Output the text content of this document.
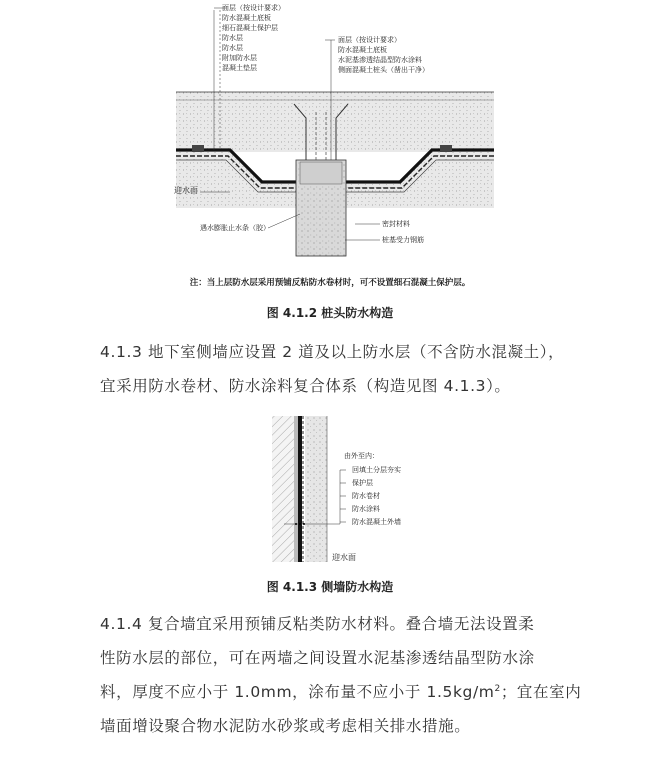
面层（按设计要求）
防水混凝土底板
细石混凝土保护层
防水层
防水层
附加防水层
混凝土垫层
面层（按设计要求）
防水混凝土底板
水泥基渗透结晶型防水涂料
侧面混凝土桩头（凿出干净）
迎水面
遇水膨胀止水条（胶）	密封材料
桩基受力钢筋
注：当上层防水层采用预铺反粘防水卷材时，可不设置细石混凝土保护层。
图 4.1.2 桩头防水构造
4.1.3 地下室侧墙应设置 2 道及以上防水层（不含防水混凝土），
宜采用防水卷材、防水涂料复合体系（构造见图 4.1.3）。
由外至内：
回填土分层夯实
保护层
防水卷材
防水涂料
防水混凝土外墙
迎水面
图 4.1.3 侧墙防水构造
4.1.4 复合墙宜采用预铺反粘类防水材料。叠合墙无法设置柔
性防水层的部位，可在两墙之间设置水泥基渗透结晶型防水涂
料，厚度不应小于 1.0mm，涂布量不应小于 $1.5kg/m^2$；宜在室内
墙面增设聚合物水泥防水砂浆或考虑相关排水措施。
